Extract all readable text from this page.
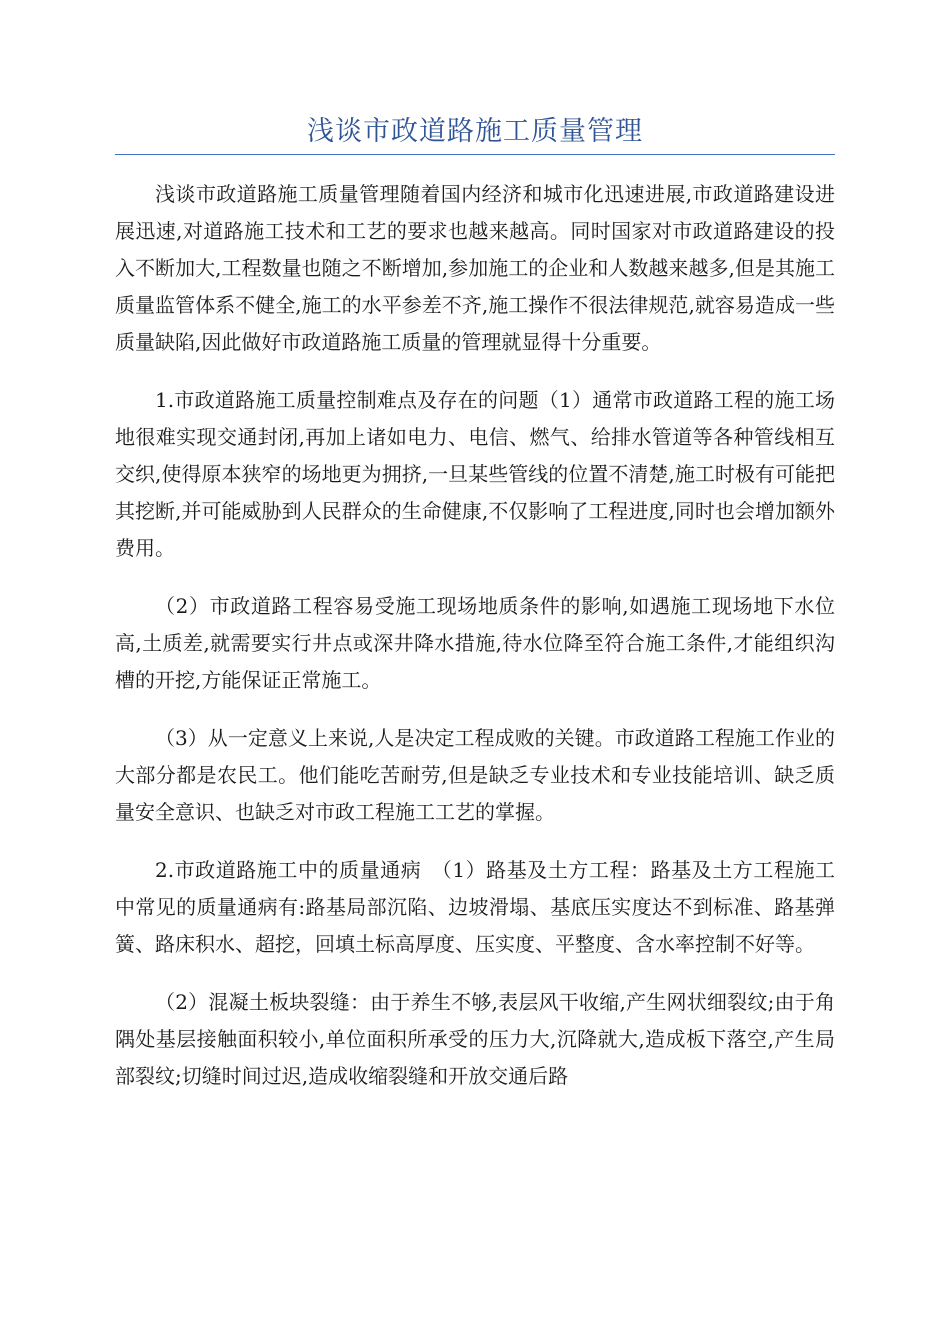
浅谈市政道路施工质量管理

浅谈市政道路施工质量管理随着国内经济和城市化迅速进展,市政道路建设进展迅速,对道路施工技术和工艺的要求也越来越高。同时国家对市政道路建设的投入不断加大,工程数量也随之不断增加,参加施工的企业和人数越来越多,但是其施工质量监管体系不健全,施工的水平参差不齐,施工操作不很法律规范,就容易造成一些质量缺陷,因此做好市政道路施工质量的管理就显得十分重要。

1.市政道路施工质量控制难点及存在的问题（1）通常市政道路工程的施工场地很难实现交通封闭,再加上诸如电力、电信、燃气、给排水管道等各种管线相互交织,使得原本狭窄的场地更为拥挤,一旦某些管线的位置不清楚,施工时极有可能把其挖断,并可能威胁到人民群众的生命健康,不仅影响了工程进度,同时也会增加额外费用。

（2）市政道路工程容易受施工现场地质条件的影响,如遇施工现场地下水位高,土质差,就需要实行井点或深井降水措施,待水位降至符合施工条件,才能组织沟槽的开挖,方能保证正常施工。

（3）从一定意义上来说,人是决定工程成败的关键。市政道路工程施工作业的大部分都是农民工。他们能吃苦耐劳,但是缺乏专业技术和专业技能培训、缺乏质量安全意识、也缺乏对市政工程施工工艺的掌握。

2.市政道路施工中的质量通病　（1）路基及土方工程：路基及土方工程施工中常见的质量通病有:路基局部沉陷、边坡滑塌、基底压实度达不到标准、路基弹簧、路床积水、超挖，回填土标高厚度、压实度、平整度、含水率控制不好等。

（2）混凝土板块裂缝：由于养生不够,表层风干收缩,产生网状细裂纹;由于角隅处基层接触面积较小,单位面积所承受的压力大,沉降就大,造成板下落空,产生局部裂纹;切缝时间过迟,造成收缩裂缝和开放交通后路
